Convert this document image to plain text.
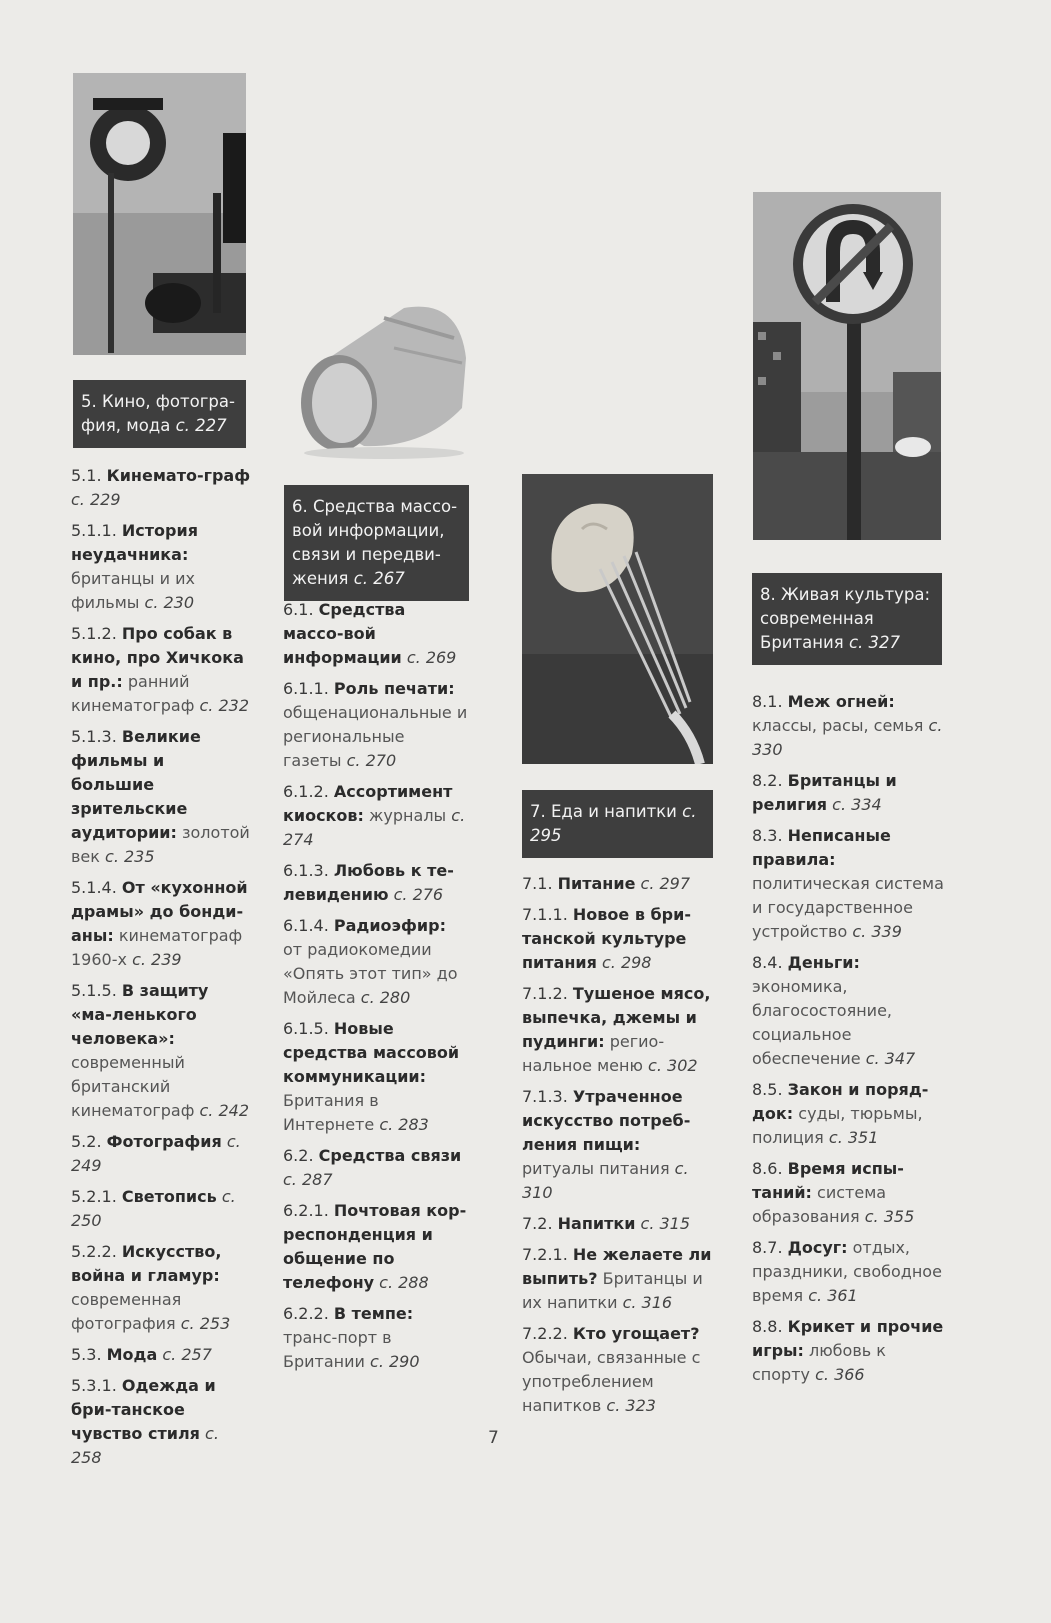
5. Кино, фотогра-фия, мода с. 227
5.1. Кинемато-граф с. 229
5.1.1. История неудачника: британцы и их фильмы с. 230
5.1.2. Про собак в кино, про Хичкока и пр.: ранний кинематограф с. 232
5.1.3. Великие фильмы и большие зрительские аудитории: золотой век с. 235
5.1.4. От «кухонной драмы» до бонди-аны: кинематограф 1960-х с. 239
5.1.5. В защиту «ма-ленького человека»: современный британский кинематограф с. 242
5.2. Фотография с. 249
5.2.1. Светопись с. 250
5.2.2. Искусство, война и гламур: современная фотография с. 253
5.3. Мода с. 257
5.3.1. Одежда и бри-танское чувство стиля с. 258
6. Средства массо-вой информации, связи и передви-жения с. 267
6.1. Средства массо-вой информации с. 269
6.1.1. Роль печати: общенациональные и региональные газеты с. 270
6.1.2. Ассортимент киосков: журналы с. 274
6.1.3. Любовь к те-левидению с. 276
6.1.4. Радиоэфир: от радиокомедии «Опять этот тип» до Мойлеса с. 280
6.1.5. Новые средства массовой коммуникации: Британия в Интернете с. 283
6.2. Средства связи с. 287
6.2.1. Почтовая кор-респонденция и общение по телефону с. 288
6.2.2. В темпе: транс-порт в Британии с. 290
7. Еда и напитки с. 295
7.1. Питание с. 297
7.1.1. Новое в бри-танской культуре питания с. 298
7.1.2. Тушеное мясо, выпечка, джемы и пудинги: регио-нальное меню с. 302
7.1.3. Утраченное искусство потреб-ления пищи: ритуалы питания с. 310
7.2. Напитки с. 315
7.2.1. Не желаете ли выпить? Британцы и их напитки с. 316
7.2.2. Кто угощает? Обычаи, связанные с употреблением напитков с. 323
8. Живая культура: современная Британия с. 327
8.1. Меж огней: классы, расы, семья с. 330
8.2. Британцы и религия с. 334
8.3. Неписаные правила: политическая система и государственное устройство с. 339
8.4. Деньги: экономика, благосостояние, социальное обеспечение с. 347
8.5. Закон и поряд-док: суды, тюрьмы, полиция с. 351
8.6. Время испы-таний: система образования с. 355
8.7. Досуг: отдых, праздники, свободное время с. 361
8.8. Крикет и прочие игры: любовь к спорту с. 366
7
